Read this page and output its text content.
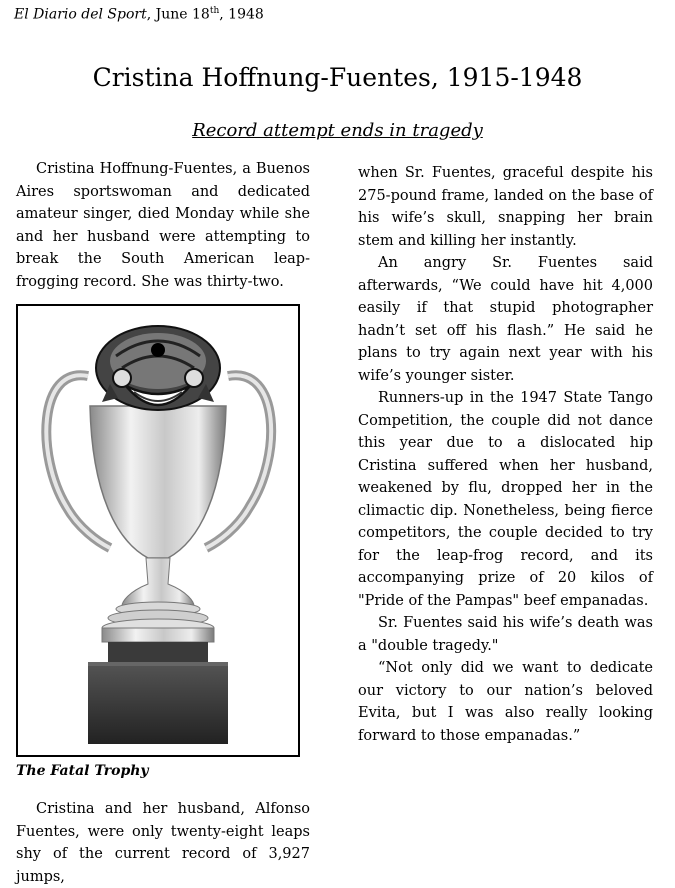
El Diario del Sport, June 18th, 1948
Cristina Hoffnung-Fuentes, 1915-1948
Record attempt ends in tragedy

Cristina Hoffnung-Fuentes, a Buenos Aires sportswoman and dedicated amateur singer, died Monday while she and her husband were attempting to break the South American leap-frogging record. She was thirty-two.

The Fatal Trophy

Cristina and her husband, Alfonso Fuentes, were only twenty-eight leaps shy of the current record of 3,927 jumps,

when Sr. Fuentes, graceful despite his 275-pound frame, landed on the base of his wife’s skull, snapping her brain stem and killing her instantly.

An angry Sr. Fuentes said afterwards, “We could have hit 4,000 easily if that stupid photographer hadn’t set off his flash.” He said he plans to try again next year with his wife’s younger sister.

Runners-up in the 1947 State Tango Competition, the couple did not dance this year due to a dislocated hip Cristina suffered when her husband, weakened by flu, dropped her in the climactic dip. Nonetheless, being fierce competitors, the couple decided to try for the leap-frog record, and its accompanying prize of 20 kilos of "Pride of the Pampas" beef empanadas.

Sr. Fuentes said his wife’s death was a "double tragedy."

“Not only did we want to dedicate our victory to our nation’s beloved Evita, but I was also really looking forward to those empanadas.”
